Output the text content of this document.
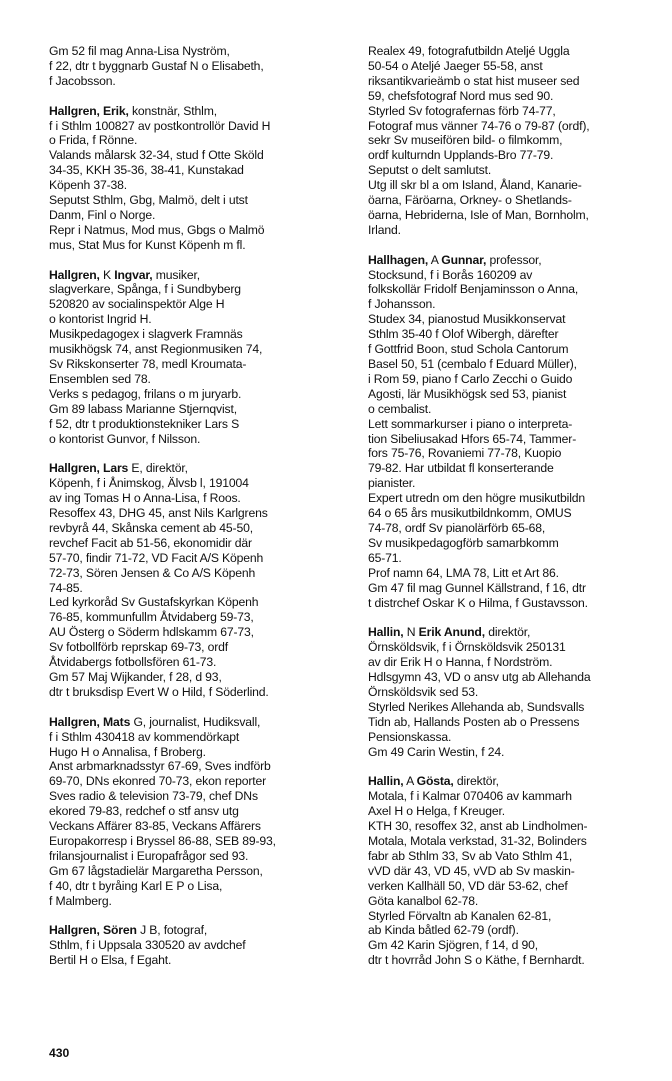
Gm 52 fil mag Anna-Lisa Nyström,
f 22, dtr t byggnarb Gustaf N o Elisabeth,
f Jacobsson.
Hallgren, Erik, konstnär, Sthlm,
f i Sthlm 100827 av postkontrollör David H
o Frida, f Rönne.
Valands målarsk 32-34, stud f Otte Sköld
34-35, KKH 35-36, 38-41, Kunstakad
Köpenh 37-38.
Seputst Sthlm, Gbg, Malmö, delt i utst
Danm, Finl o Norge.
Repr i Natmus, Mod mus, Gbgs o Malmö
mus, Stat Mus for Kunst Köpenh m fl.
Hallgren, K Ingvar, musiker,
slagverkare, Spånga, f i Sundbyberg
520820 av socialinspektör Alge H
o kontorist Ingrid H.
Musikpedagogex i slagverk Framnäs
musikhögsk 74, anst Regionmusiken 74,
Sv Rikskonserter 78, medl Kroumata-
Ensemblen sed 78.
Verks s pedagog, frilans o m juryarb.
Gm 89 labass Marianne Stjernqvist,
f 52, dtr t produktionstekniker Lars S
o kontorist Gunvor, f Nilsson.
Hallgren, Lars E, direktör,
Köpenh, f i Ånimskog, Älvsb l, 191004
av ing Tomas H o Anna-Lisa, f Roos.
Resoffex 43, DHG 45, anst Nils Karlgrens
revbyrå 44, Skånska cement ab 45-50,
revchef Facit ab 51-56, ekonomidir där
57-70, findir 71-72, VD Facit A/S Köpenh
72-73, Sören Jensen & Co A/S Köpenh
74-85.
Led kyrkoråd Sv Gustafskyrkan Köpenh
76-85, kommunfullm Åtvidaberg 59-73,
AU Österg o Söderm hdlskamm 67-73,
Sv fotbollförb reprskap 69-73, ordf
Åtvidabergs fotbollsfören 61-73.
Gm 57 Maj Wijkander, f 28, d 93,
dtr t bruksdisp Evert W o Hild, f Söderlind.
Hallgren, Mats G, journalist, Hudiksvall,
f i Sthlm 430418 av kommendörkapt
Hugo H o Annalisa, f Broberg.
Anst arbmarknadsstyr 67-69, Sves indförb
69-70, DNs ekonred 70-73, ekon reporter
Sves radio & television 73-79, chef DNs
ekored 79-83, redchef o stf ansv utg
Veckans Affärer 83-85, Veckans Affärers
Europakorresp i Bryssel 86-88, SEB 89-93,
frilansjournalist i Europafrågor sed 93.
Gm 67 lågstadielär Margaretha Persson,
f 40, dtr t byråing Karl E P o Lisa,
f Malmberg.
Hallgren, Sören J B, fotograf,
Sthlm, f i Uppsala 330520 av avdchef
Bertil H o Elsa, f Egaht.
Realex 49, fotografutbildn Ateljé Uggla
50-54 o Ateljé Jaeger 55-58, anst
riksantikvarieämb o stat hist museer sed
59, chefsfotograf Nord mus sed 90.
Styrled Sv fotografernas förb 74-77,
Fotograf mus vänner 74-76 o 79-87 (ordf),
sekr Sv museifören bild- o filmkomm,
ordf kulturndn Upplands-Bro 77-79.
Seputst o delt samlutst.
Utg ill skr bl a om Island, Åland, Kanarie-
öarna, Färöarna, Orkney- o Shetlands-
öarna, Hebriderna, Isle of Man, Bornholm,
Irland.
Hallhagen, A Gunnar, professor,
Stocksund, f i Borås 160209 av
folkskollär Fridolf Benjaminsson o Anna,
f Johansson.
Studex 34, pianostud Musikkonservat
Sthlm 35-40 f Olof Wibergh, därefter
f Gottfrid Boon, stud Schola Cantorum
Basel 50, 51 (cembalo f Eduard Müller),
i Rom 59, piano f Carlo Zecchi o Guido
Agosti, lär Musikhögsk sed 53, pianist
o cembalist.
Lett sommarkurser i piano o interpreta-
tion Sibeliusakad Hfors 65-74, Tammer-
fors 75-76, Rovaniemi 77-78, Kuopio
79-82. Har utbildat fl konserterande
pianister.
Expert utredn om den högre musikutbildn
64 o 65 års musikutbildnkomm, OMUS
74-78, ordf Sv pianolärförb 65-68,
Sv musikpedagogförb samarbkomm
65-71.
Prof namn 64, LMA 78, Litt et Art 86.
Gm 47 fil mag Gunnel Källstrand, f 16, dtr
t distrchef Oskar K o Hilma, f Gustavsson.
Hallin, N Erik Anund, direktör,
Örnsköldsvik, f i Örnsköldsvik 250131
av dir Erik H o Hanna, f Nordström.
Hdlsgymn 43, VD o ansv utg ab Allehanda
Örnsköldsvik sed 53.
Styrled Nerikes Allehanda ab, Sundsvalls
Tidn ab, Hallands Posten ab o Pressens
Pensionskassa.
Gm 49 Carin Westin, f 24.
Hallin, A Gösta, direktör,
Motala, f i Kalmar 070406 av kammarh
Axel H o Helga, f Kreuger.
KTH 30, resoffex 32, anst ab Lindholmen-
Motala, Motala verkstad, 31-32, Bolinders
fabr ab Sthlm 33, Sv ab Vato Sthlm 41,
vVD där 43, VD 45, vVD ab Sv maskin-
verken Kallhäll 50, VD där 53-62, chef
Göta kanalbol 62-78.
Styrled Förvaltn ab Kanalen 62-81,
ab Kinda båtled 62-79 (ordf).
Gm 42 Karin Sjögren, f 14, d 90,
dtr t hovrråd John S o Käthe, f Bernhardt.
430
